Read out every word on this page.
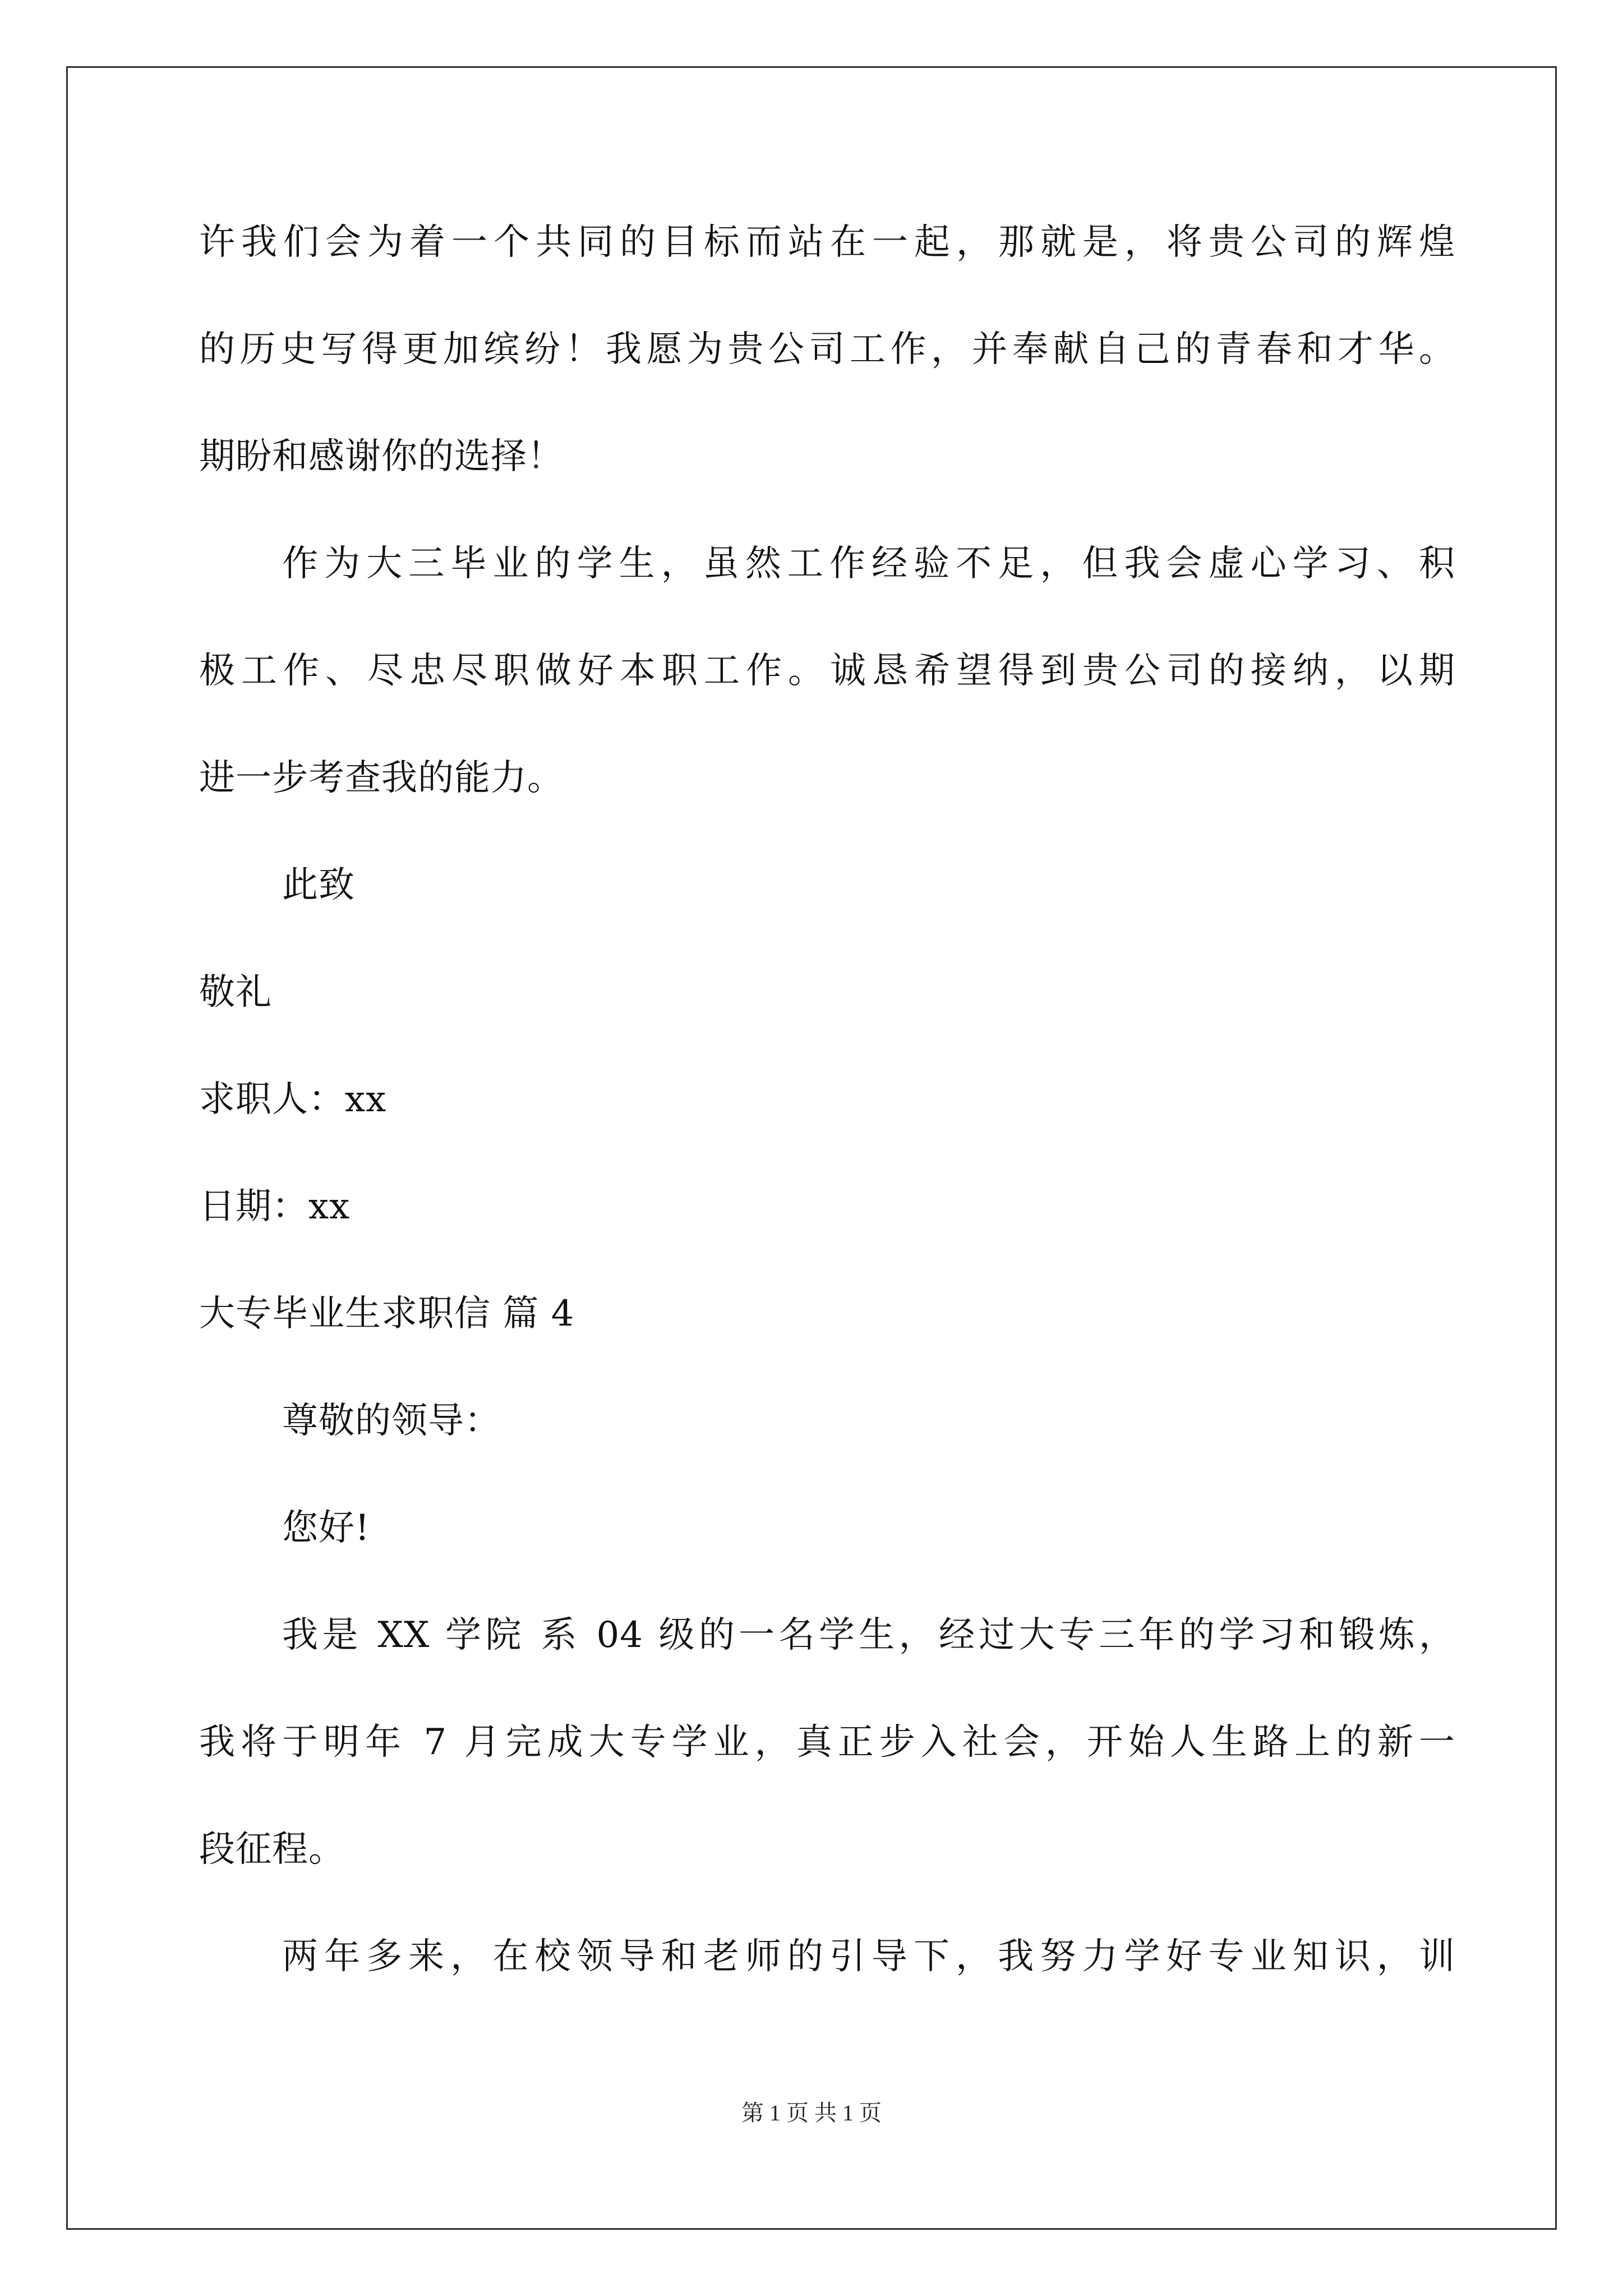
许我们会为着一个共同的目标而站在一起，那就是，将贵公司的辉煌
的历史写得更加缤纷！我愿为贵公司工作，并奉献自己的青春和才华。
期盼和感谢你的选择！
作为大三毕业的学生，虽然工作经验不足，但我会虚心学习、积
极工作、尽忠尽职做好本职工作。诚恳希望得到贵公司的接纳，以期
进一步考查我的能力。
此致
敬礼
求职人：xx
日期：xx
大专毕业生求职信 篇 4
尊敬的领导：
您好!
我是 XX 学院 系 04 级的一名学生，经过大专三年的学习和锻炼，
我将于明年 7 月完成大专学业，真正步入社会，开始人生路上的新一
段征程。
两年多来，在校领导和老师的引导下，我努力学好专业知识，训
第 1 页 共 1 页
